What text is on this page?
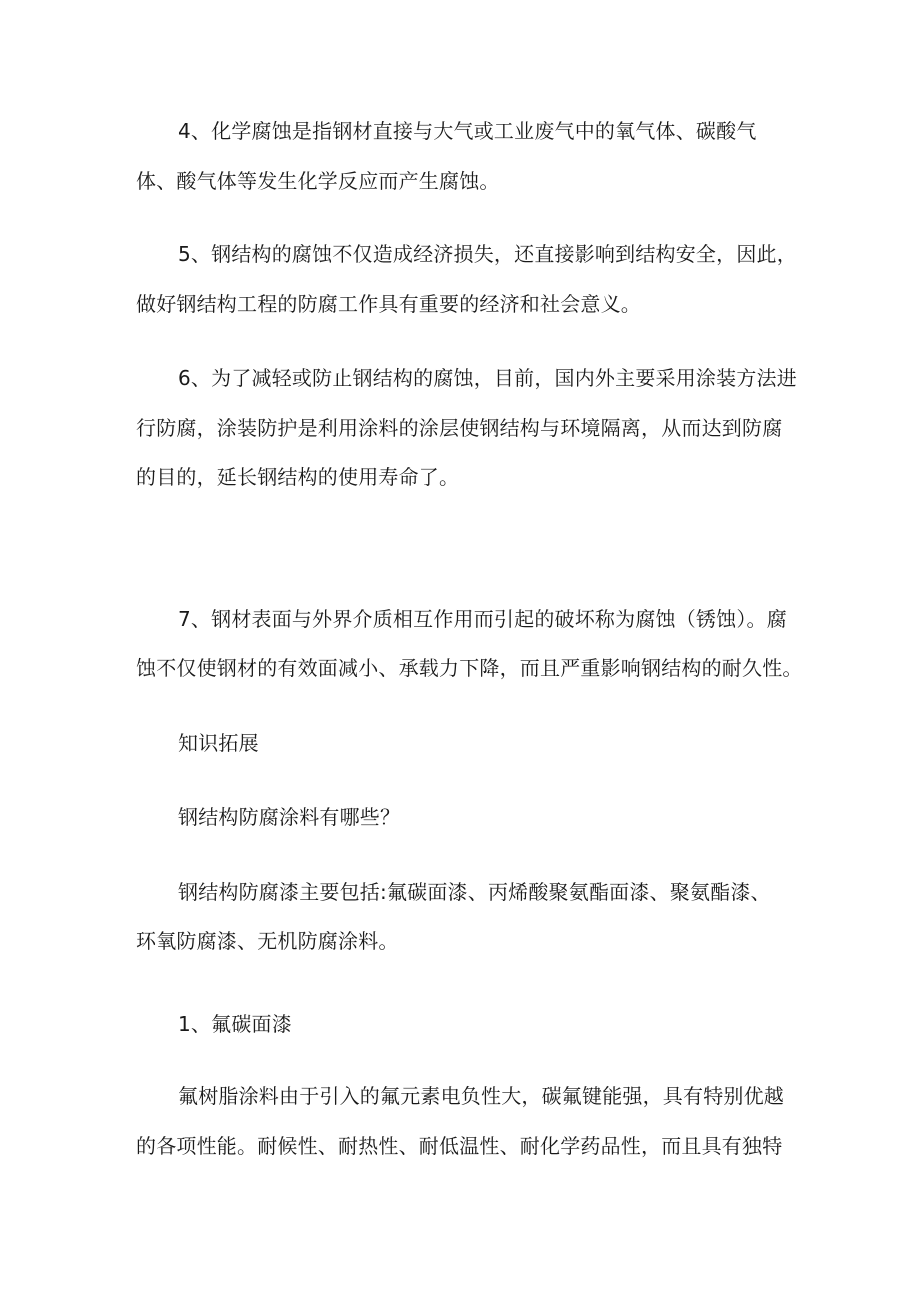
4、化学腐蚀是指钢材直接与大气或工业废气中的氧气体、碳酸气
体、酸气体等发生化学反应而产生腐蚀。
5、钢结构的腐蚀不仅造成经济损失，还直接影响到结构安全，因此，
做好钢结构工程的防腐工作具有重要的经济和社会意义。
6、为了减轻或防止钢结构的腐蚀，目前，国内外主要采用涂装方法进
行防腐，涂装防护是利用涂料的涂层使钢结构与环境隔离，从而达到防腐
的目的，延长钢结构的使用寿命了。
7、钢材表面与外界介质相互作用而引起的破坏称为腐蚀（锈蚀）。腐
蚀不仅使钢材的有效面减小、承载力下降，而且严重影响钢结构的耐久性。
知识拓展
钢结构防腐涂料有哪些？
钢结构防腐漆主要包括:氟碳面漆、丙烯酸聚氨酯面漆、聚氨酯漆、
环氧防腐漆、无机防腐涂料。
1、氟碳面漆
氟树脂涂料由于引入的氟元素电负性大，碳氟键能强，具有特别优越
的各项性能。耐候性、耐热性、耐低温性、耐化学药品性，而且具有独特
